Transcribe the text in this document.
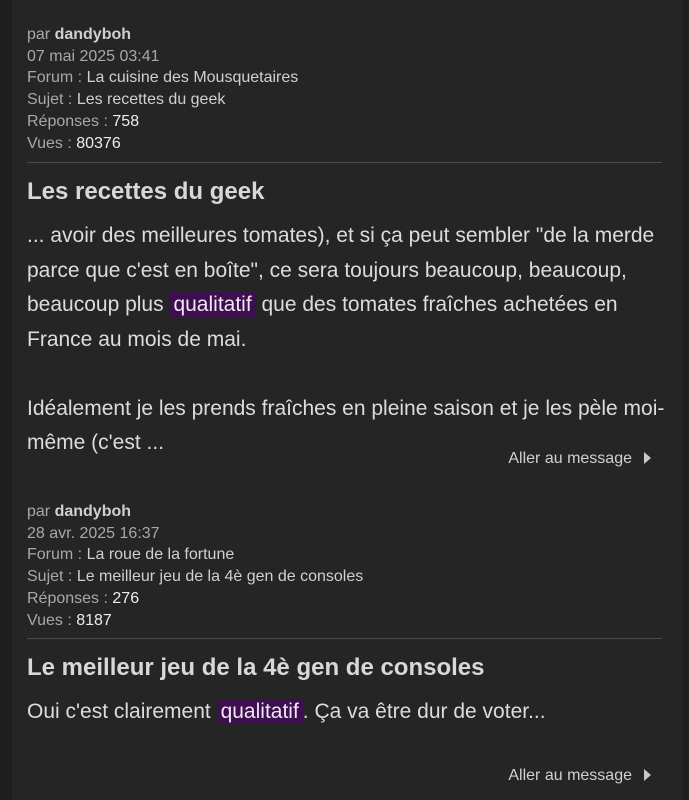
par dandyboh
07 mai 2025 03:41
Forum : La cuisine des Mousquetaires
Sujet : Les recettes du geek
Réponses : 758
Vues : 80376
Les recettes du geek
... avoir des meilleures tomates), et si ça peut sembler "de la merde parce que c'est en boîte", ce sera toujours beaucoup, beaucoup, beaucoup plus qualitatif que des tomates fraîches achetées en France au mois de mai.

Idéalement je les prends fraîches en pleine saison et je les pèle moi-même (c'est ...
Aller au message
par dandyboh
28 avr. 2025 16:37
Forum : La roue de la fortune
Sujet : Le meilleur jeu de la 4è gen de consoles
Réponses : 276
Vues : 8187
Le meilleur jeu de la 4è gen de consoles
Oui c'est clairement qualitatif . Ça va être dur de voter...
Aller au message
